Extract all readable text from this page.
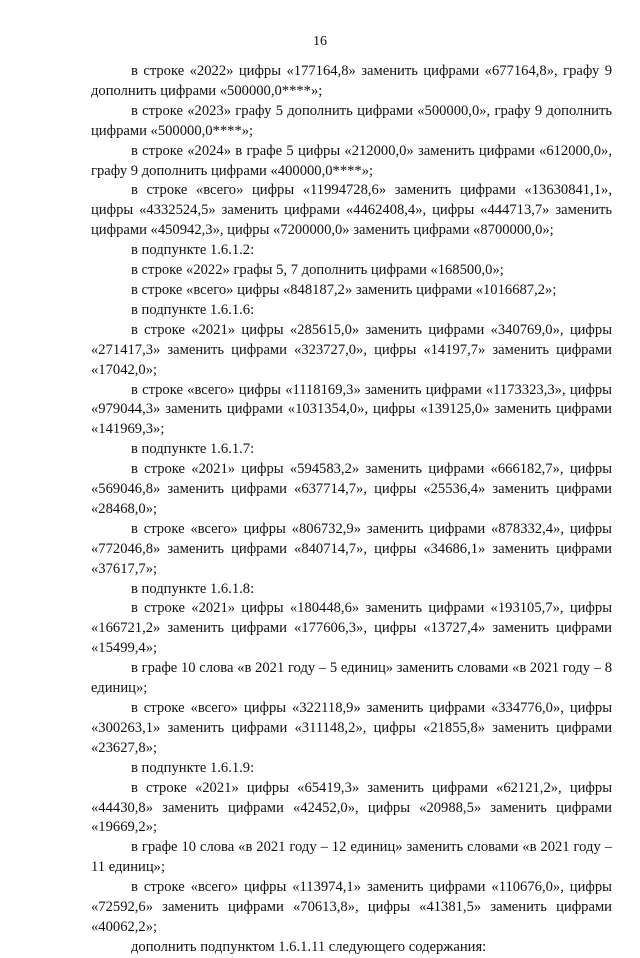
16

в строке «2022» цифры «177164,8» заменить цифрами «677164,8», графу 9 дополнить цифрами «500000,0****»;

в строке «2023» графу 5 дополнить цифрами «500000,0», графу 9 дополнить цифрами «500000,0****»;

в строке «2024» в графе 5 цифры «212000,0» заменить цифрами «612000,0», графу 9 дополнить цифрами «400000,0****»;

в строке «всего» цифры «11994728,6» заменить цифрами «13630841,1», цифры «4332524,5» заменить цифрами «4462408,4», цифры «444713,7» заменить цифрами «450942,3», цифры «7200000,0» заменить цифрами «8700000,0»;

в подпункте 1.6.1.2:

в строке «2022» графы 5, 7 дополнить цифрами «168500,0»;

в строке «всего» цифры «848187,2» заменить цифрами «1016687,2»;

в подпункте 1.6.1.6:

в строке «2021» цифры «285615,0» заменить цифрами «340769,0», цифры «271417,3» заменить цифрами «323727,0», цифры «14197,7» заменить цифрами «17042,0»;

в строке «всего» цифры «1118169,3» заменить цифрами «1173323,3», цифры «979044,3» заменить цифрами «1031354,0», цифры «139125,0» заменить цифрами «141969,3»;

в подпункте 1.6.1.7:

в строке «2021» цифры «594583,2» заменить цифрами «666182,7», цифры «569046,8» заменить цифрами «637714,7», цифры «25536,4» заменить цифрами «28468,0»;

в строке «всего» цифры «806732,9» заменить цифрами «878332,4», цифры «772046,8» заменить цифрами «840714,7», цифры «34686,1» заменить цифрами «37617,7»;

в подпункте 1.6.1.8:

в строке «2021» цифры «180448,6» заменить цифрами «193105,7», цифры «166721,2» заменить цифрами «177606,3», цифры «13727,4» заменить цифрами «15499,4»;

в графе 10 слова «в 2021 году – 5 единиц» заменить словами «в 2021 году – 8 единиц»;

в строке «всего» цифры «322118,9» заменить цифрами «334776,0», цифры «300263,1» заменить цифрами «311148,2», цифры «21855,8» заменить цифрами «23627,8»;

в подпункте 1.6.1.9:

в строке «2021» цифры «65419,3» заменить цифрами «62121,2», цифры «44430,8» заменить цифрами «42452,0», цифры «20988,5» заменить цифрами «19669,2»;

в графе 10 слова «в 2021 году – 12 единиц» заменить словами «в 2021 году – 11 единиц»;

в строке «всего» цифры «113974,1» заменить цифрами «110676,0», цифры «72592,6» заменить цифрами «70613,8», цифры «41381,5» заменить цифрами «40062,2»;

дополнить подпунктом 1.6.1.11 следующего содержания:
